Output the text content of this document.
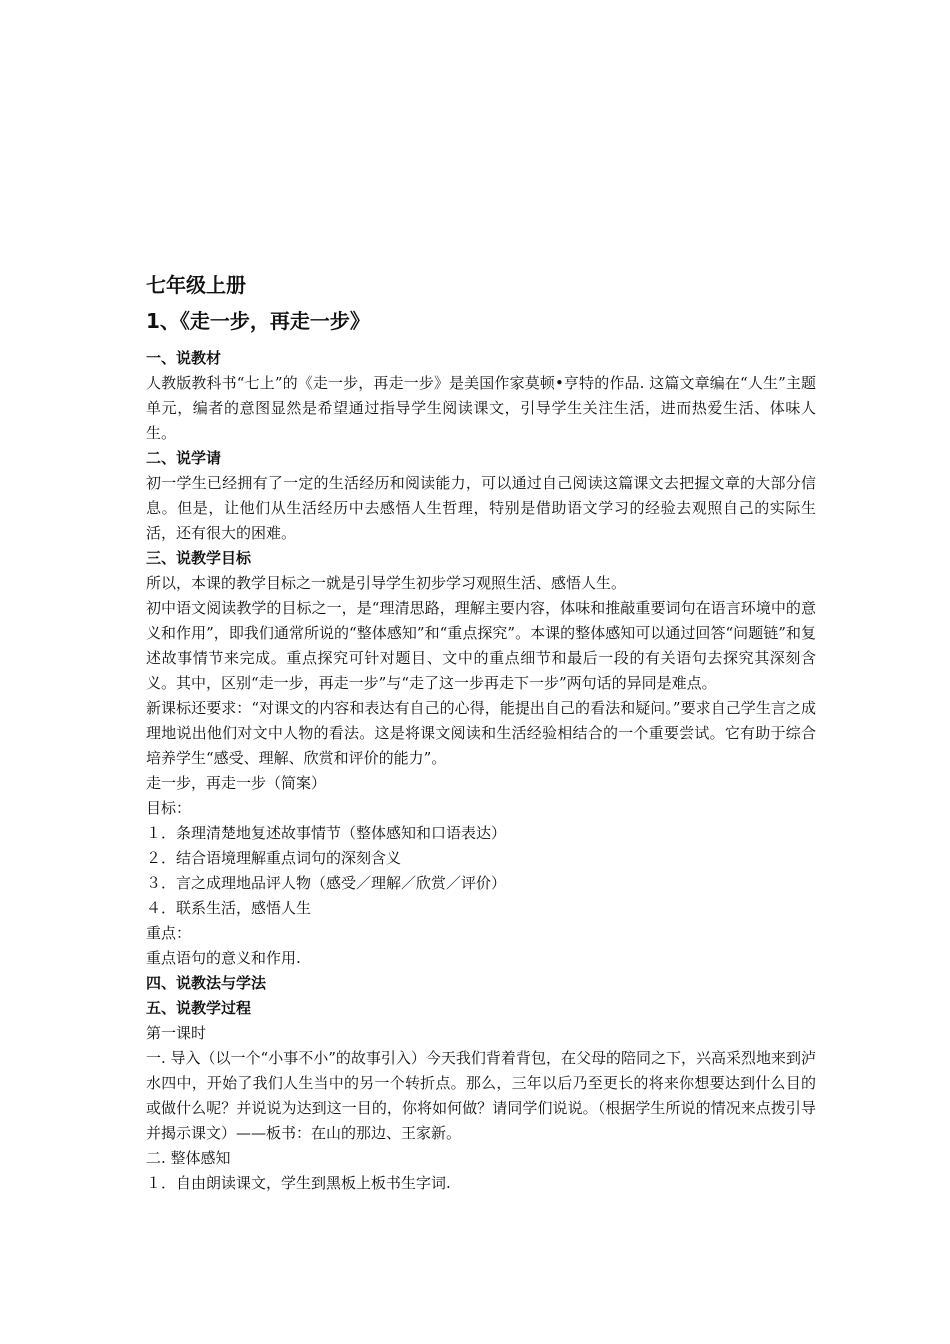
七年级上册

1、《走一步，再走一步》

一、说教材

人教版教科书“七上”的《走一步，再走一步》是美国作家莫顿•亨特的作品. 这篇文章编在“人生”主题单元，编者的意图显然是希望通过指导学生阅读课文，引导学生关注生活，进而热爱生活、体味人生。

二、说学请

初一学生已经拥有了一定的生活经历和阅读能力，可以通过自己阅读这篇课文去把握文章的大部分信息。但是，让他们从生活经历中去感悟人生哲理，特别是借助语文学习的经验去观照自己的实际生活，还有很大的困难。

三、说教学目标

所以，本课的教学目标之一就是引导学生初步学习观照生活、感悟人生。

初中语文阅读教学的目标之一，是“理清思路，理解主要内容，体味和推敲重要词句在语言环境中的意义和作用”，即我们通常所说的“整体感知”和“重点探究”。本课的整体感知可以通过回答“问题链”和复述故事情节来完成。重点探究可针对题目、文中的重点细节和最后一段的有关语句去探究其深刻含义。其中，区别“走一步，再走一步”与“走了这一步再走下一步”两句话的异同是难点。

新课标还要求：“对课文的内容和表达有自己的心得，能提出自己的看法和疑问。”要求自己学生言之成理地说出他们对文中人物的看法。这是将课文阅读和生活经验相结合的一个重要尝试。它有助于综合培养学生“感受、理解、欣赏和评价的能力”。

走一步，再走一步（简案）

目标：

１．条理清楚地复述故事情节（整体感知和口语表达）

２．结合语境理解重点词句的深刻含义

３．言之成理地品评人物（感受／理解／欣赏／评价）

４．联系生活，感悟人生

重点：

重点语句的意义和作用.

四、说教法与学法

五、说教学过程

第一课时

一. 导入（以一个“小事不小”的故事引入）今天我们背着背包，在父母的陪同之下，兴高采烈地来到泸水四中，开始了我们人生当中的另一个转折点。那么，三年以后乃至更长的将来你想要达到什么目的或做什么呢？并说说为达到这一目的，你将如何做？请同学们说说。（根据学生所说的情况来点拨引导并揭示课文）——板书：在山的那边、王家新。

二. 整体感知

１．自由朗读课文，学生到黑板上板书生字词.
